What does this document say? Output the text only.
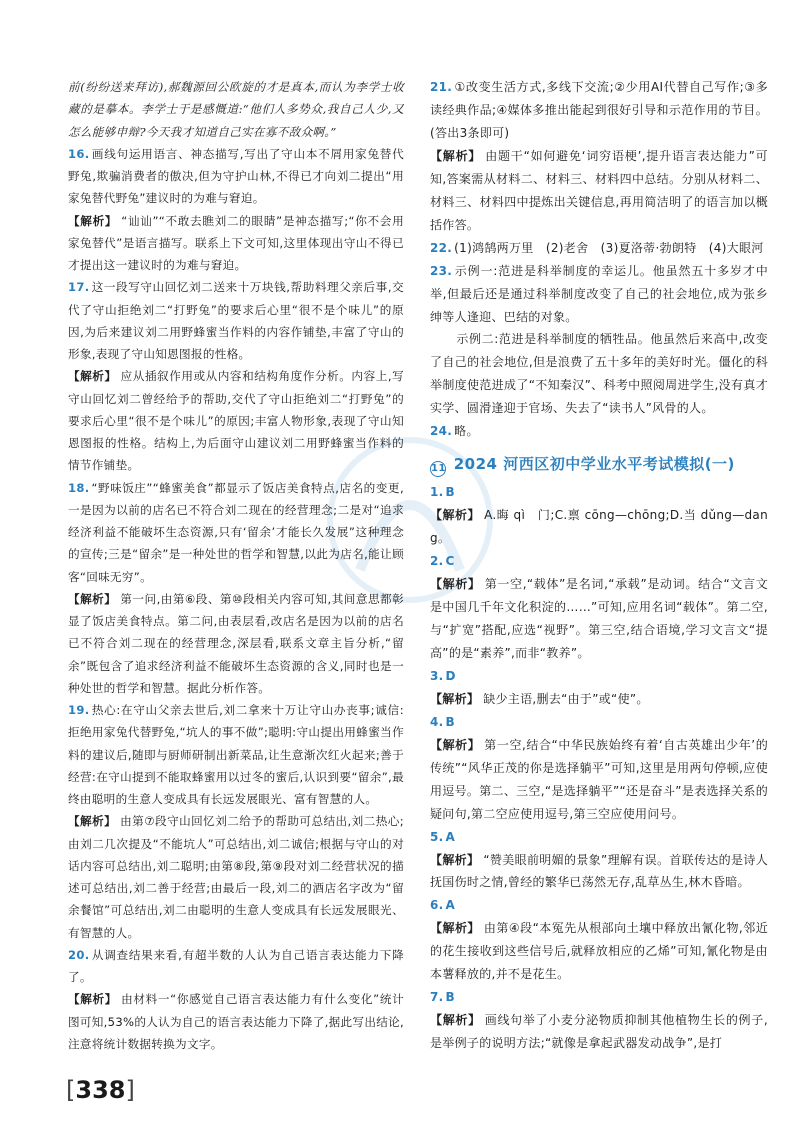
前(纷纷送来拜访),郝魏源回公欧旋的才是真本,而认为李学士收藏的是摹本。李学士于是感慨道:“他们人多势众,我自己人少,又怎么能够申辩?今天我才知道自己实在寡不敌众啊。”

16. 画线句运用语言、神态描写,写出了守山本不屑用家兔替代野兔,欺骗消费者的傲决,但为守护山林,不得已才向刘二提出“用家兔替代野兔”建议时的为难与窘迫。

【解析】 “讪讪”“不敢去瞧刘二的眼睛”是神态描写;“你不会用家兔替代”是语言描写。联系上下文可知,这里体现出守山不得已才提出这一建议时的为难与窘迫。

17. 这一段写守山回忆刘二送来十万块钱,帮助料理父亲后事,交代了守山拒绝刘二“打野兔”的要求后心里“很不是个味儿”的原因,为后来建议刘二用野蜂蜜当作料的内容作铺垫,丰富了守山的形象,表现了守山知恩图报的性格。

【解析】 应从插叙作用或从内容和结构角度作分析。内容上,写守山回忆刘二曾经给予的帮助,交代了守山拒绝刘二“打野兔”的要求后心里“很不是个味儿”的原因;丰富人物形象,表现了守山知恩图报的性格。结构上,为后面守山建议刘二用野蜂蜜当作料的情节作铺垫。

18. “野味饭庄”“蜂蜜美食”都显示了饭店美食特点,店名的变更,一是因为以前的店名已不符合刘二现在的经营理念;二是对“追求经济利益不能破坏生态资源,只有‘留余’才能长久发展”这种理念的宣传;三是“留余”是一种处世的哲学和智慧,以此为店名,能让顾客“回味无穷”。

【解析】 第一问,由第⑥段、第⑩段相关内容可知,其间意思都彰显了饭店美食特点。第二问,由表层看,改店名是因为以前的店名已不符合刘二现在的经营理念,深层看,联系文章主旨分析,“留余”既包含了追求经济利益不能破坏生态资源的含义,同时也是一种处世的哲学和智慧。据此分析作答。

19. 热心:在守山父亲去世后,刘二拿来十万让守山办丧事;诚信:拒绝用家兔代替野兔,“坑人的事不做”;聪明:守山提出用蜂蜜当作料的建议后,随即与厨师研制出新菜品,让生意渐次红火起来;善于经营:在守山提到不能取蜂蜜用以过冬的蜜后,认识到要“留余”,最终由聪明的生意人变成具有长远发展眼光、富有智慧的人。

【解析】 由第⑦段守山回忆刘二给予的帮助可总结出,刘二热心;由刘二几次提及“不能坑人”可总结出,刘二诚信;根据与守山的对话内容可总结出,刘二聪明;由第⑧段,第⑨段对刘二经营状况的描述可总结出,刘二善于经营;由最后一段,刘二的酒店名字改为“留余餐馆”可总结出,刘二由聪明的生意人变成具有长远发展眼光、有智慧的人。

20. 从调查结果来看,有超半数的人认为自己语言表达能力下降了。

【解析】 由材料一“你感觉自己语言表达能力有什么变化”统计图可知,53%的人认为自己的语言表达能力下降了,据此写出结论,注意将统计数据转换为文字。

21. ①改变生活方式,多线下交流;②少用AI代替自己写作;③多读经典作品;④媒体多推出能起到很好引导和示范作用的节目。(答出3条即可)

【解析】 由题干“如何避免‘词穷语梗’,提升语言表达能力”可知,答案需从材料二、材料三、材料四中总结。分别从材料二、材料三、材料四中提炼出关键信息,再用简洁明了的语言加以概括作答。

22. (1)鸿鹄两万里　(2)老舍　(3)夏洛蒂·勃朗特　(4)大眼河

23. 示例一:范进是科举制度的幸运儿。他虽然五十多岁才中举,但最后还是通过科举制度改变了自己的社会地位,成为张乡绅等人逢迎、巴结的对象。

示例二:范进是科举制度的牺牲品。他虽然后来高中,改变了自己的社会地位,但是浪费了五十多年的美好时光。僵化的科举制度使范进成了“不知秦汉”、科考中照阅周进学生,没有真才实学、圆滑逢迎于官场、失去了“读书人”风骨的人。

24. 略。

11 2024 河西区初中学业水平考试模拟(一)

1. B

【解析】 A.晦 qì　门;C.禀 cōng—chōng;D.当 dǔng—dang。

2. C

【解析】 第一空,“载体”是名词,“承载”是动词。结合“文言文是中国几千年文化积淀的……”可知,应用名词“载体”。第二空,与“扩宽”搭配,应选“视野”。第三空,结合语境,学习文言文“提高”的是“素养”,而非“教养”。

3. D

【解析】 缺少主语,删去“由于”或“使”。

4. B

【解析】 第一空,结合“中华民族始终有着‘自古英雄出少年’的传统”“风华正茂的你是选择躺平”可知,这里是用两句停顿,应使用逗号。第二、三空,“是选择躺平”“还是奋斗”是表选择关系的疑问句,第二空应使用逗号,第三空应使用问号。

5. A

【解析】 “赞美眼前明媚的景象”理解有误。首联传达的是诗人抚国伤时之情,曾经的繁华已荡然无存,乱草丛生,林木昏暗。

6. A

【解析】 由第④段“本冤先从根部向土壤中释放出氰化物,邻近的花生接收到这些信号后,就释放相应的乙烯”可知,氰化物是由本薯释放的,并不是花生。

7. B

【解析】 画线句举了小麦分泌物质抑制其他植物生长的例子,是举例子的说明方法;“就像是拿起武器发动战争”,是打

[338]
